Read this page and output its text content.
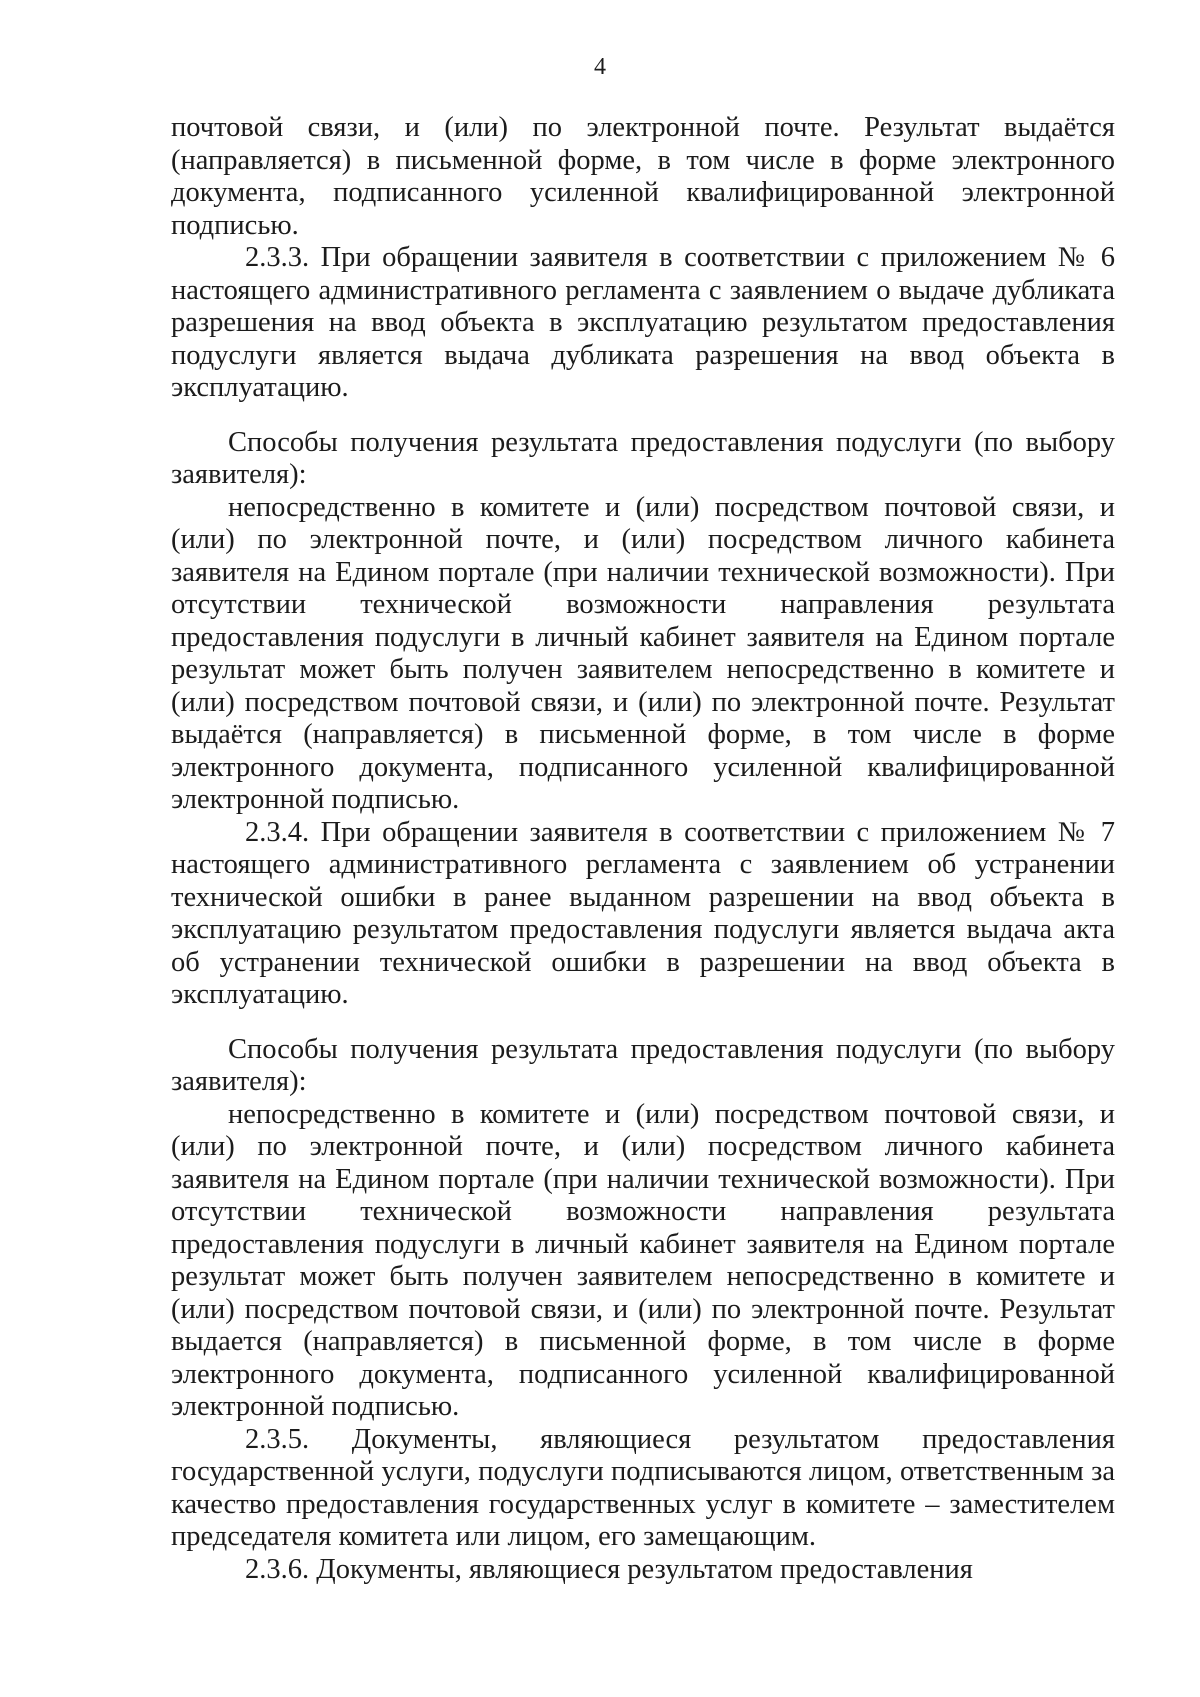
4

почтовой связи, и (или) по электронной почте. Результат выдаётся (направляется) в письменной форме, в том числе в форме электронного документа, подписанного усиленной квалифицированной электронной подписью.

2.3.3. При обращении заявителя в соответствии с приложением № 6 настоящего административного регламента с заявлением о выдаче дубликата разрешения на ввод объекта в эксплуатацию результатом предоставления подуслуги является выдача дубликата разрешения на ввод объекта в эксплуатацию.

Способы получения результата предоставления подуслуги (по выбору заявителя):

непосредственно в комитете и (или) посредством почтовой связи, и (или) по электронной почте, и (или) посредством личного кабинета заявителя на Едином портале (при наличии технической возможности). При отсутствии технической возможности направления результата предоставления подуслуги в личный кабинет заявителя на Едином портале результат может быть получен заявителем непосредственно в комитете и (или) посредством почтовой связи, и (или) по электронной почте. Результат выдаётся (направляется) в письменной форме, в том числе в форме электронного документа, подписанного усиленной квалифицированной электронной подписью.

2.3.4. При обращении заявителя в соответствии с приложением № 7 настоящего административного регламента с заявлением об устранении технической ошибки в ранее выданном разрешении на ввод объекта в эксплуатацию результатом предоставления подуслуги является выдача акта об устранении технической ошибки в разрешении на ввод объекта в эксплуатацию.

Способы получения результата предоставления подуслуги (по выбору заявителя):

непосредственно в комитете и (или) посредством почтовой связи, и (или) по электронной почте, и (или) посредством личного кабинета заявителя на Едином портале (при наличии технической возможности). При отсутствии технической возможности направления результата предоставления подуслуги в личный кабинет заявителя на Едином портале результат может быть получен заявителем непосредственно в комитете и (или) посредством почтовой связи, и (или) по электронной почте. Результат выдается (направляется) в письменной форме, в том числе в форме электронного документа, подписанного усиленной квалифицированной электронной подписью.

2.3.5. Документы, являющиеся результатом предоставления государственной услуги, подуслуги подписываются лицом, ответственным за качество предоставления государственных услуг в комитете – заместителем председателя комитета или лицом, его замещающим.

2.3.6. Документы, являющиеся результатом предоставления
